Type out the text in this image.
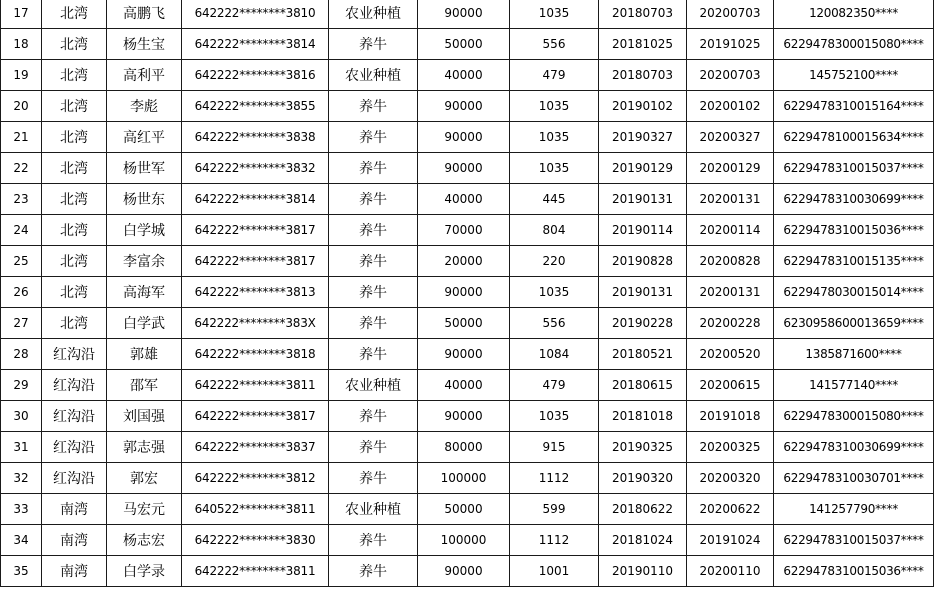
17	北湾	高鹏飞	642222********3810	农业种植	90000	1035	20180703	20200703	120082350****
18	北湾	杨生宝	642222********3814	养牛	50000	556	20181025	20191025	6229478300015080****
19	北湾	高利平	642222********3816	农业种植	40000	479	20180703	20200703	145752100****
20	北湾	李彪	642222********3855	养牛	90000	1035	20190102	20200102	6229478310015164****
21	北湾	高红平	642222********3838	养牛	90000	1035	20190327	20200327	6229478100015634****
22	北湾	杨世军	642222********3832	养牛	90000	1035	20190129	20200129	6229478310015037****
23	北湾	杨世东	642222********3814	养牛	40000	445	20190131	20200131	6229478310030699****
24	北湾	白学城	642222********3817	养牛	70000	804	20190114	20200114	6229478310015036****
25	北湾	李富余	642222********3817	养牛	20000	220	20190828	20200828	6229478310015135****
26	北湾	高海军	642222********3813	养牛	90000	1035	20190131	20200131	6229478030015014****
27	北湾	白学武	642222********383X	养牛	50000	556	20190228	20200228	6230958600013659****
28	红沟沿	郭雄	642222********3818	养牛	90000	1084	20180521	20200520	1385871600****
29	红沟沿	邵军	642222********3811	农业种植	40000	479	20180615	20200615	141577140****
30	红沟沿	刘国强	642222********3817	养牛	90000	1035	20181018	20191018	6229478300015080****
31	红沟沿	郭志强	642222********3837	养牛	80000	915	20190325	20200325	6229478310030699****
32	红沟沿	郭宏	642222********3812	养牛	100000	1112	20190320	20200320	6229478310030701****
33	南湾	马宏元	640522********3811	农业种植	50000	599	20180622	20200622	141257790****
34	南湾	杨志宏	642222********3830	养牛	100000	1112	20181024	20191024	6229478310015037****
35	南湾	白学录	642222********3811	养牛	90000	1001	20190110	20200110	6229478310015036****
